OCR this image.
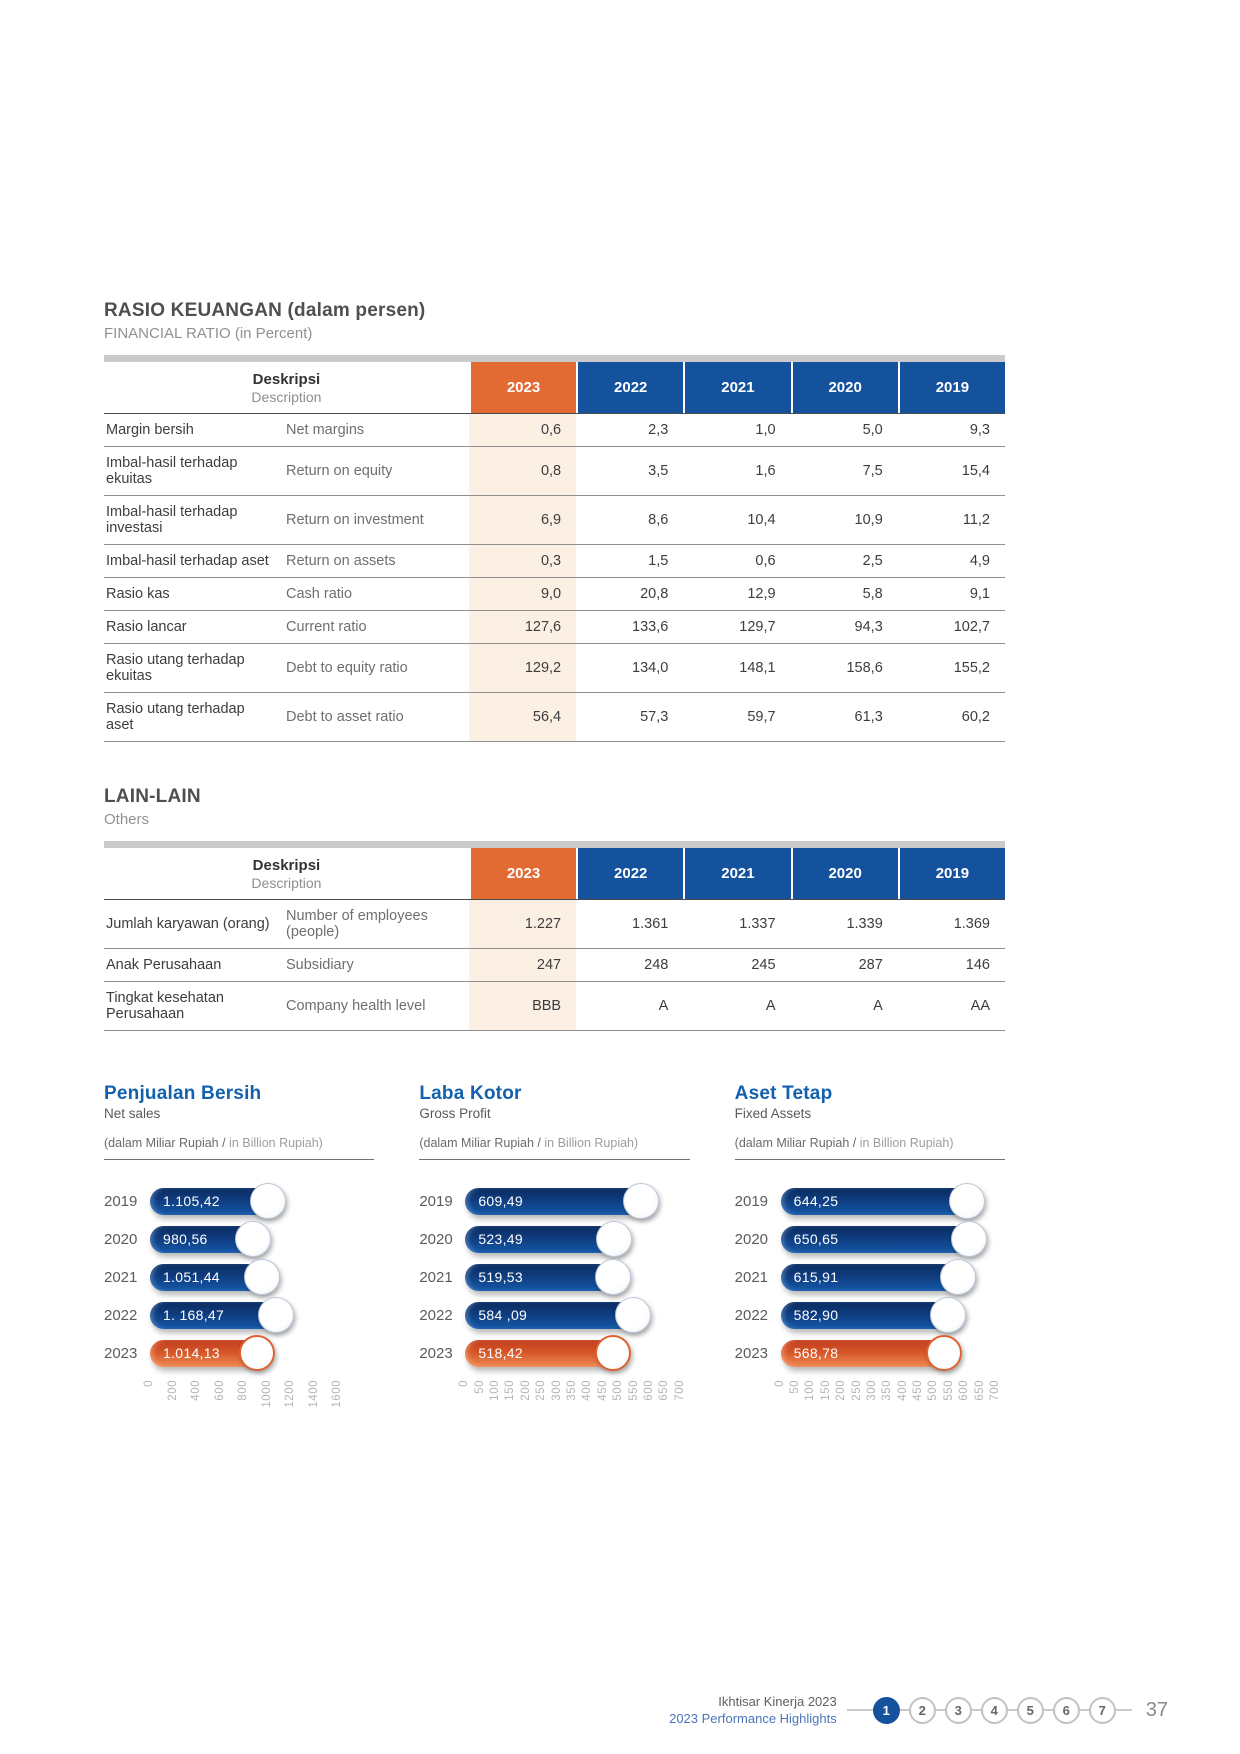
RASIO KEUANGAN (dalam persen)
FINANCIAL RATIO (in Percent)
Deskripsi
Description
2023	2022	2021	2020	2019
Margin bersih	Net margins	0,6	2,3	1,0	5,0	9,3
Imbal-hasil terhadap ekuitas	Return on equity	0,8	3,5	1,6	7,5	15,4
Imbal-hasil terhadap investasi	Return on investment	6,9	8,6	10,4	10,9	11,2
Imbal-hasil terhadap aset	Return on assets	0,3	1,5	0,6	2,5	4,9
Rasio kas	Cash ratio	9,0	20,8	12,9	5,8	9,1
Rasio lancar	Current ratio	127,6	133,6	129,7	94,3	102,7
Rasio utang terhadap ekuitas	Debt to equity ratio	129,2	134,0	148,1	158,6	155,2
Rasio utang terhadap aset	Debt to asset ratio	56,4	57,3	59,7	61,3	60,2
LAIN-LAIN
Others
Deskripsi
Description
2023	2022	2021	2020	2019
Jumlah karyawan (orang)	Number of employees (people)	1.227	1.361	1.337	1.339	1.369
Anak Perusahaan	Subsidiary	247	248	245	287	146
Tingkat kesehatan Perusahaan	Company health level	BBB	A	A	A	AA
Penjualan Bersih
Net sales
(dalam Miliar Rupiah / in Billion Rupiah)
2019	1.105,42
2020	980,56
2021	1.051,44
2022	1. 168,47
2023	1.014,13
0 200 400 600 800 1000 1200 1400 1600
Laba Kotor
Gross Profit
(dalam Miliar Rupiah / in Billion Rupiah)
2019	609,49
2020	523,49
2021	519,53
2022	584 ,09
2023	518,42
0 50 100 150 200 250 300 350 400 450 500 550 600 650 700
Aset Tetap
Fixed Assets
(dalam Miliar Rupiah / in Billion Rupiah)
2019	644,25
2020	650,65
2021	615,91
2022	582,90
2023	568,78
0 50 100 150 200 250 300 350 400 450 500 550 600 650 700
Ikhtisar Kinerja 2023
2023 Performance Highlights
1	2	3	4	5	6	7	37
